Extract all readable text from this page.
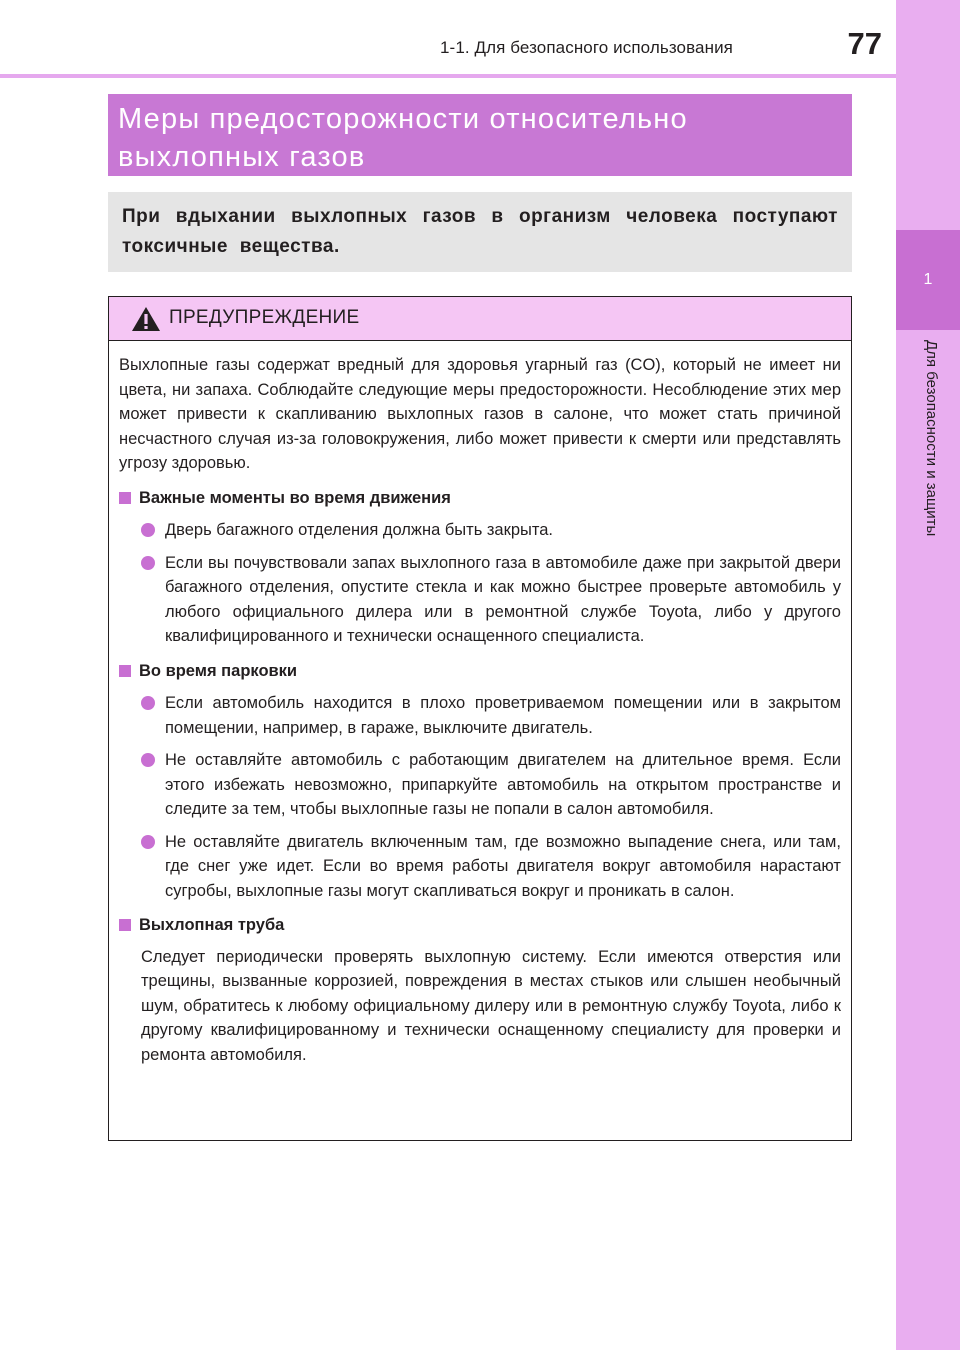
1-1. Для безопасного использования	77
1
Для безопасности и защиты
Меры предосторожности относительно выхлопных газов
При вдыхании выхлопных газов в организм человека поступают токсичные вещества.
ПРЕДУПРЕЖДЕНИЕ

Выхлопные газы содержат вредный для здоровья угарный газ (CO), который не имеет ни цвета, ни запаха. Соблюдайте следующие меры предосторожности. Несоблюдение этих мер может привести к скапливанию выхлопных газов в салоне, что может стать причиной несчастного случая из-за головокружения, либо может привести к смерти или представлять угрозу здоровью.

Важные моменты во время движения
Дверь багажного отделения должна быть закрыта.
Если вы почувствовали запах выхлопного газа в автомобиле даже при закрытой двери багажного отделения, опустите стекла и как можно быстрее проверьте автомобиль у любого официального дилера или в ремонтной службе Toyota, либо у другого квалифицированного и технически оснащенного специалиста.
Во время парковки
Если автомобиль находится в плохо проветриваемом помещении или в закрытом помещении, например, в гараже, выключите двигатель.
Не оставляйте автомобиль с работающим двигателем на длительное время. Если этого избежать невозможно, припаркуйте автомобиль на открытом пространстве и следите за тем, чтобы выхлопные газы не попали в салон автомобиля.
Не оставляйте двигатель включенным там, где возможно выпадение снега, или там, где снег уже идет. Если во время работы двигателя вокруг автомобиля нарастают сугробы, выхлопные газы могут скапливаться вокруг и проникать в салон.
Выхлопная труба

Следует периодически проверять выхлопную систему. Если имеются отверстия или трещины, вызванные коррозией, повреждения в местах стыков или слышен необычный шум, обратитесь к любому официальному дилеру или в ремонтную службу Toyota, либо к другому квалифицированному и технически оснащенному специалисту для проверки и ремонта автомобиля.
